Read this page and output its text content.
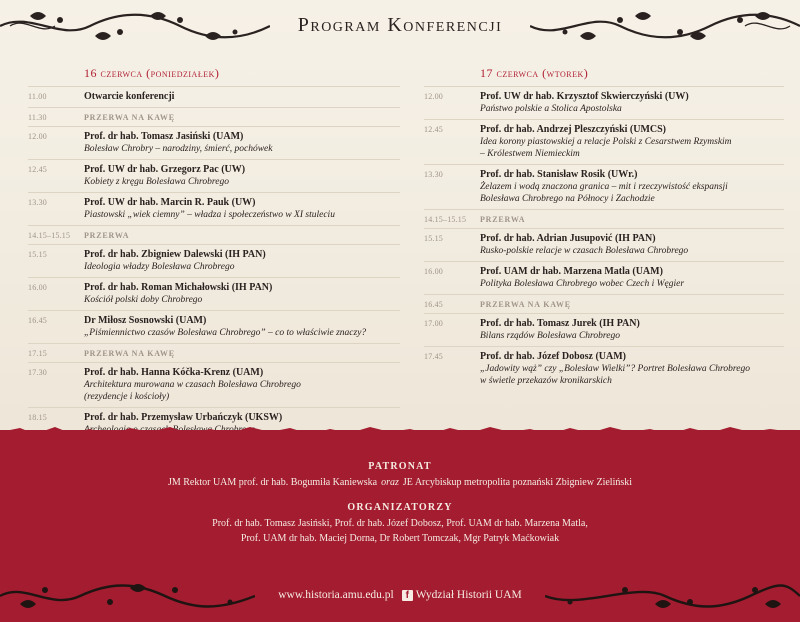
Program Konferencji
16 czerwca (poniedziałek)
11.00	Otwarcie konferencji
11.30	PRZERWA NA KAWĘ
12.00	Prof. dr hab. Tomasz Jasiński (UAM)
Bolesław Chrobry – narodziny, śmierć, pochówek
12.45	Prof. UW dr hab. Grzegorz Pac (UW)
Kobiety z kręgu Bolesława Chrobrego
13.30	Prof. UW dr hab. Marcin R. Pauk (UW)
Piastowski „wiek ciemny” – władza i społeczeństwo w XI stuleciu
14.15–15.15	PRZERWA
15.15	Prof. dr hab. Zbigniew Dalewski (IH PAN)
Ideologia władzy Bolesława Chrobrego
16.00	Prof. dr hab. Roman Michałowski (IH PAN)
Kościół polski doby Chrobrego
16.45	Dr Miłosz Sosnowski (UAM)
„Piśmiennictwo czasów Bolesława Chrobrego” – co to właściwie znaczy?
17.15	PRZERWA NA KAWĘ
17.30	Prof. dr hab. Hanna Kóčka-Krenz (UAM)
Architektura murowana w czasach Bolesława Chrobrego
(rezydencje i kościoły)
18.15	Prof. dr hab. Przemysław Urbańczyk (UKSW)
17 czerwca (wtorek)
12.00	Prof. UW dr hab. Krzysztof Skwierczyński (UW)
Państwo polskie a Stolica Apostolska
12.45	Prof. dr hab. Andrzej Pleszczyński (UMCS)
Idea korony piastowskiej a relacje Polski z Cesarstwem Rzymskim
– Królestwem Niemieckim
13.30	Prof. dr hab. Stanisław Rosik (UWr.)
Żelazem i wodą znaczona granica – mit i rzeczywistość ekspansji
Bolesława Chrobrego na Północy i Zachodzie
14.15–15.15	PRZERWA
15.15	Prof. dr hab. Adrian Jusupović (IH PAN)
Rusko-polskie relacje w czasach Bolesława Chrobrego
16.00	Prof. UAM dr hab. Marzena Matla (UAM)
Polityka Bolesława Chrobrego wobec Czech i Węgier
16.45	PRZERWA NA KAWĘ
17.00	Prof. dr hab. Tomasz Jurek (IH PAN)
Bilans rządów Bolesława Chrobrego
17.45	Prof. dr hab. Józef Dobosz (UAM)
„Jadowity wąż” czy „Bolesław Wielki”? Portret Bolesława Chrobrego
w świetle przekazów kronikarskich
PATRONAT
JM Rektor UAM prof. dr hab. Bogumiła Kaniewska oraz JE Arcybiskup metropolita poznański Zbigniew Zieliński
ORGANIZATORZY
Prof. dr hab. Tomasz Jasiński, Prof. dr hab. Józef Dobosz, Prof. UAM dr hab. Marzena Matla,
Prof. UAM dr hab. Maciej Dorna, Dr Robert Tomczak, Mgr Patryk Maćkowiak
www.historia.amu.edu.pl	f Wydział Historii UAM
